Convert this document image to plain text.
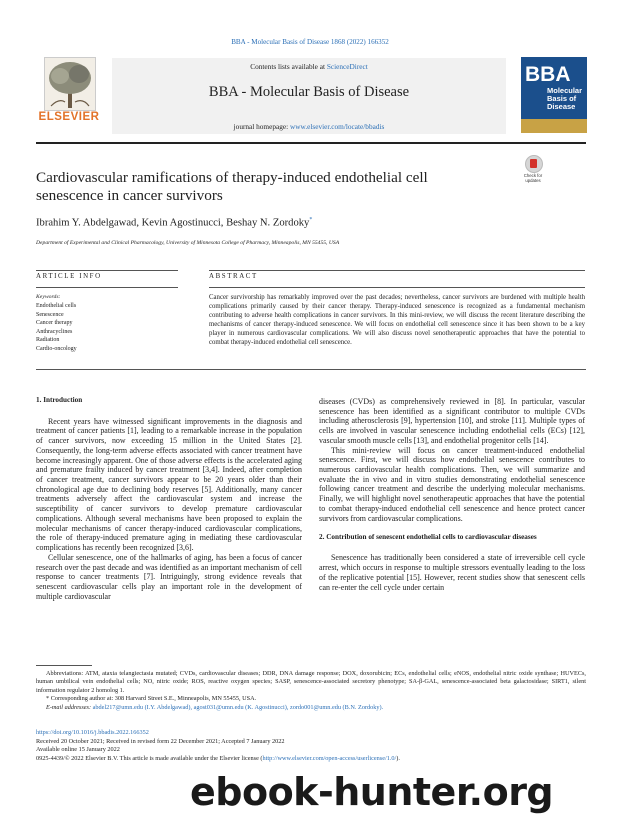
BBA - Molecular Basis of Disease 1868 (2022) 166352
ELSEVIER
Contents lists available at ScienceDirect
BBA - Molecular Basis of Disease
journal homepage: www.elsevier.com/locate/bbadis
BBA
Molecular Basis of Disease
Cardiovascular ramifications of therapy-induced endothelial cell senescence in cancer survivors
Check for updates
Ibrahim Y. Abdelgawad, Kevin Agostinucci, Beshay N. Zordoky*
Department of Experimental and Clinical Pharmacology, University of Minnesota College of Pharmacy, Minneapolis, MN 55455, USA
ARTICLE INFO
Keywords:
Endothelial cells
Senescence
Cancer therapy
Anthracyclines
Radiation
Cardio-oncology
ABSTRACT
Cancer survivorship has remarkably improved over the past decades; nevertheless, cancer survivors are burdened with multiple health complications primarily caused by their cancer therapy. Therapy-induced senescence is recognized as a fundamental mechanism contributing to adverse health complications in cancer survivors. In this mini-review, we will discuss the recent literature describing the mechanisms of cancer therapy-induced senescence. We will focus on endothelial cell senescence since it has been shown to be a key player in numerous cardiovascular complications. We will also discuss novel senotherapeutic approaches that have the potential to combat therapy-induced endothelial cell senescence.

1. Introduction

Recent years have witnessed significant improvements in the diagnosis and treatment of cancer patients [1], leading to a remarkable increase in the population of cancer survivors, now exceeding 15 million in the United States [2]. Consequently, the long-term adverse effects associated with cancer treatment have become increasingly apparent. One of those adverse effects is the accelerated aging and premature frailty induced by cancer treatment [3,4]. Indeed, after completion of cancer treatment, cancer survivors appear to be 20 years older than their chronological age due to declining body reserves [5]. Additionally, many cancer treatments adversely affect the cardiovascular system and increase the susceptibility of cancer survivors to develop premature cardiovascular complications. Although several mechanisms have been proposed to explain the molecular mechanisms of cancer therapy-induced cardiovascular complications, the role of therapy-induced premature aging in mediating these cardiovascular complications has recently been recognized [3,6].

Cellular senescence, one of the hallmarks of aging, has been a focus of cancer research over the past decade and was identified as an important mechanism of cell response to cancer treatments [7]. Intriguingly, strong evidence reveals that senescent cardiovascular cells play an important role in the development of multiple cardiovascular

diseases (CVDs) as comprehensively reviewed in [8]. In particular, vascular senescence has been identified as a significant contributor to multiple CVDs including atherosclerosis [9], hypertension [10], and stroke [11]. Multiple types of cells are involved in vascular senescence including endothelial cells (ECs) [12], vascular smooth muscle cells [13], and endothelial progenitor cells [14].

This mini-review will focus on cancer treatment-induced endothelial senescence. First, we will discuss how endothelial senescence contributes to numerous cardiovascular health complications. Then, we will summarize and evaluate the in vivo and in vitro studies demonstrating endothelial senescence following cancer treatment and describe the underlying molecular mechanisms. Finally, we will highlight novel senotherapeutic approaches that have the potential to combat therapy-induced endothelial cell senescence and hence protect cancer survivors from cardiovascular complications.

2. Contribution of senescent endothelial cells to cardiovascular diseases

Senescence has traditionally been considered a state of irreversible cell cycle arrest, which occurs in response to multiple stressors eventually leading to the loss of the replicative potential [15]. However, recent studies show that senescent cells can re-enter the cell cycle under certain

Abbreviations: ATM, ataxia telangiectasia mutated; CVDs, cardiovascular diseases; DDR, DNA damage response; DOX, doxorubicin; ECs, endothelial cells; eNOS, endothelial nitric oxide synthase; HUVECs, human umbilical vein endothelial cells; NO, nitric oxide; ROS, reactive oxygen species; SASP, senescence-associated secretory phenotype; SA-β-GAL, senescence-associated beta galactosidase; SIRT1, silent information regulator 2 homolog 1.

* Corresponding author at: 308 Harvard Street S.E., Minneapolis, MN 55455, USA.

E-mail addresses: abdel217@umn.edu (I.Y. Abdelgawad), agost031@umn.edu (K. Agostinucci), zordo001@umn.edu (B.N. Zordoky).

https://doi.org/10.1016/j.bbadis.2022.166352

Received 20 October 2021; Received in revised form 22 December 2021; Accepted 7 January 2022

Available online 15 January 2022

0925-4439/© 2022 Elsevier B.V. This article is made available under the Elsevier license (http://www.elsevier.com/open-access/userlicense/1.0/).

ebook-hunter.org
